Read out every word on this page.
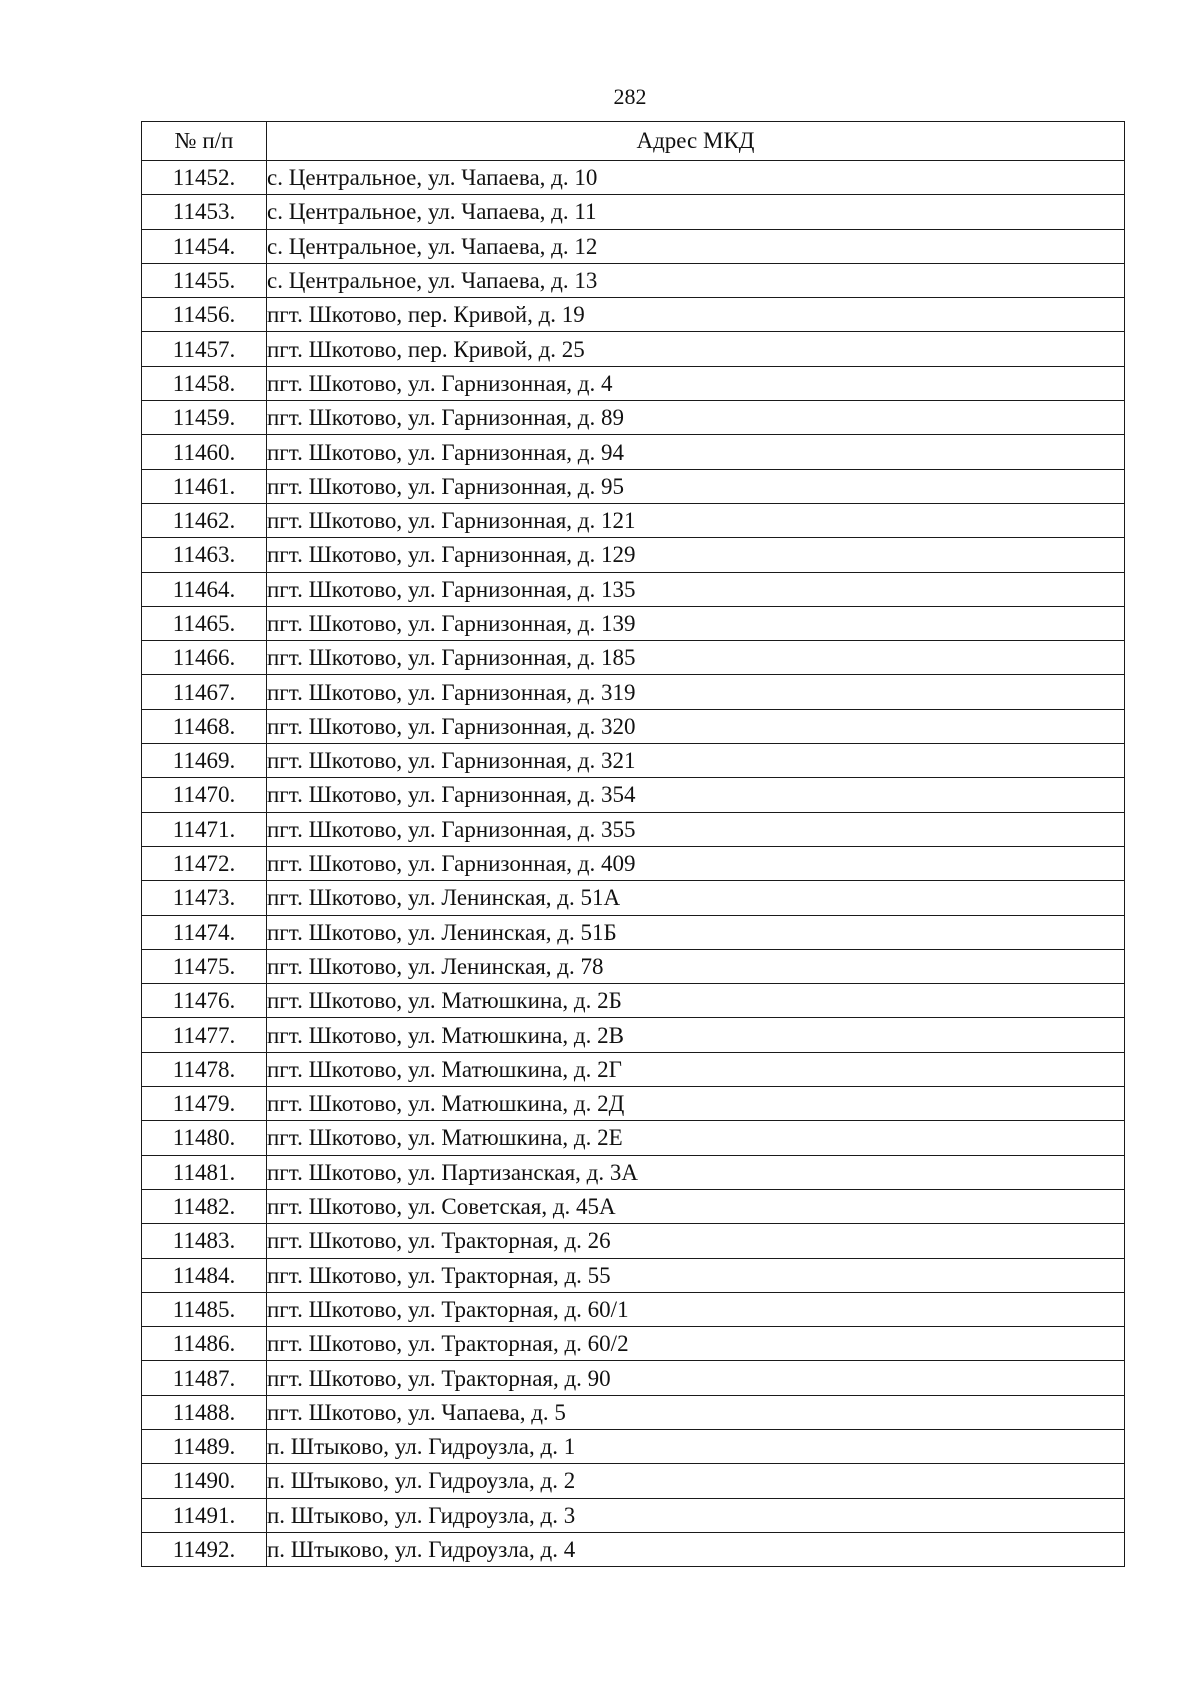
282
№ п/п	Адрес МКД
11452.	с. Центральное, ул. Чапаева, д. 10
11453.	с. Центральное, ул. Чапаева, д. 11
11454.	с. Центральное, ул. Чапаева, д. 12
11455.	с. Центральное, ул. Чапаева, д. 13
11456.	пгт. Шкотово, пер. Кривой, д. 19
11457.	пгт. Шкотово, пер. Кривой, д. 25
11458.	пгт. Шкотово, ул. Гарнизонная, д. 4
11459.	пгт. Шкотово, ул. Гарнизонная, д. 89
11460.	пгт. Шкотово, ул. Гарнизонная, д. 94
11461.	пгт. Шкотово, ул. Гарнизонная, д. 95
11462.	пгт. Шкотово, ул. Гарнизонная, д. 121
11463.	пгт. Шкотово, ул. Гарнизонная, д. 129
11464.	пгт. Шкотово, ул. Гарнизонная, д. 135
11465.	пгт. Шкотово, ул. Гарнизонная, д. 139
11466.	пгт. Шкотово, ул. Гарнизонная, д. 185
11467.	пгт. Шкотово, ул. Гарнизонная, д. 319
11468.	пгт. Шкотово, ул. Гарнизонная, д. 320
11469.	пгт. Шкотово, ул. Гарнизонная, д. 321
11470.	пгт. Шкотово, ул. Гарнизонная, д. 354
11471.	пгт. Шкотово, ул. Гарнизонная, д. 355
11472.	пгт. Шкотово, ул. Гарнизонная, д. 409
11473.	пгт. Шкотово, ул. Ленинская, д. 51А
11474.	пгт. Шкотово, ул. Ленинская, д. 51Б
11475.	пгт. Шкотово, ул. Ленинская, д. 78
11476.	пгт. Шкотово, ул. Матюшкина, д. 2Б
11477.	пгт. Шкотово, ул. Матюшкина, д. 2В
11478.	пгт. Шкотово, ул. Матюшкина, д. 2Г
11479.	пгт. Шкотово, ул. Матюшкина, д. 2Д
11480.	пгт. Шкотово, ул. Матюшкина, д. 2Е
11481.	пгт. Шкотово, ул. Партизанская, д. 3А
11482.	пгт. Шкотово, ул. Советская, д. 45А
11483.	пгт. Шкотово, ул. Тракторная, д. 26
11484.	пгт. Шкотово, ул. Тракторная, д. 55
11485.	пгт. Шкотово, ул. Тракторная, д. 60/1
11486.	пгт. Шкотово, ул. Тракторная, д. 60/2
11487.	пгт. Шкотово, ул. Тракторная, д. 90
11488.	пгт. Шкотово, ул. Чапаева, д. 5
11489.	п. Штыково, ул. Гидроузла, д. 1
11490.	п. Штыково, ул. Гидроузла, д. 2
11491.	п. Штыково, ул. Гидроузла, д. 3
11492.	п. Штыково, ул. Гидроузла, д. 4
